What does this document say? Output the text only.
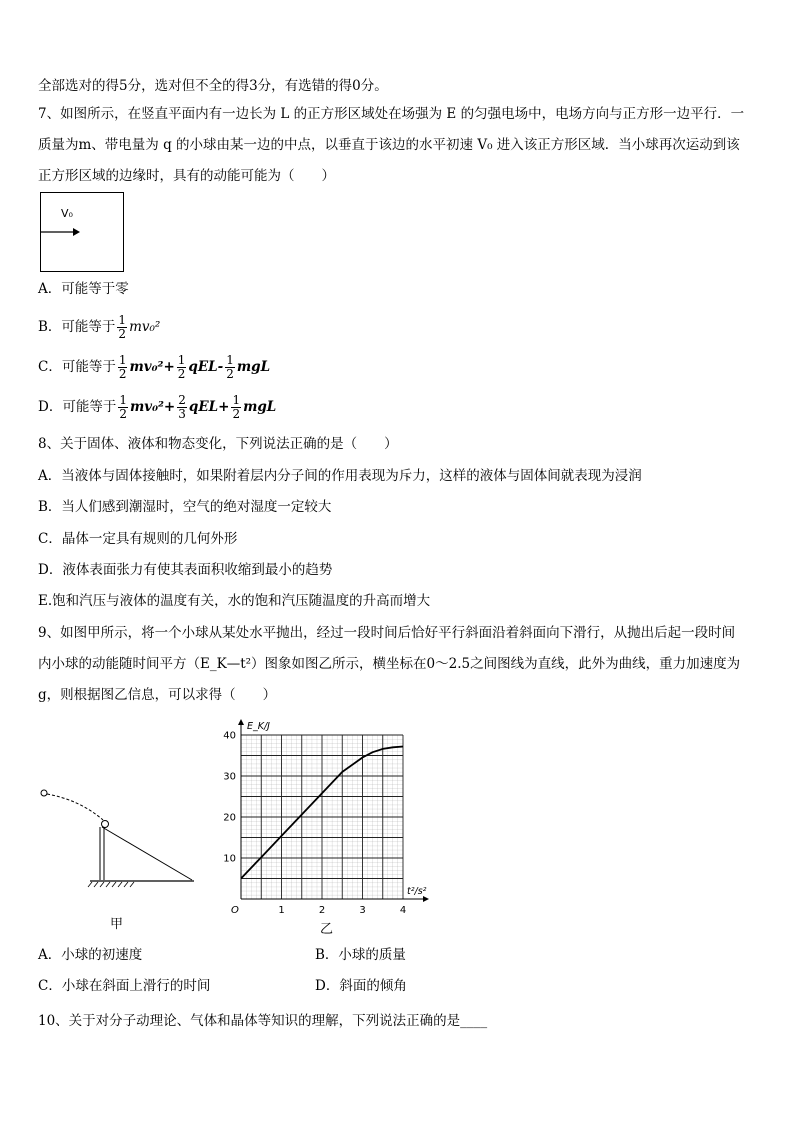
全部选对的得5分，选对但不全的得3分，有选错的得0分。
7、如图所示，在竖直平面内有一边长为 L 的正方形区域处在场强为 E 的匀强电场中，电场方向与正方形一边平行．一
质量为m、带电量为 q 的小球由某一边的中点，以垂直于该边的水平初速 V₀ 进入该正方形区域．当小球再次运动到该
正方形区域的边缘时，具有的动能可能为（　　）
V₀
A．可能等于零
B．可能等于 $\frac{1}{2} mv_0^2$
C．可能等于 $\frac{1}{2} mv_0^2+ \frac{1}{2} qEL- \frac{1}{2}$ mgL
D．可能等于 $\frac{1}{2} mv_0^2+ \frac{2}{3} qEL+ \frac{1}{2}$ mgL
8、关于固体、液体和物态变化，下列说法正确的是（　　）
A．当液体与固体接触时，如果附着层内分子间的作用表现为斥力，这样的液体与固体间就表现为浸润
B．当人们感到潮湿时，空气的绝对湿度一定较大
C．晶体一定具有规则的几何外形
D．液体表面张力有使其表面积收缩到最小的趋势
E.饱和汽压与液体的温度有关，水的饱和汽压随温度的升高而增大
9、如图甲所示，将一个小球从某处水平抛出，经过一段时间后恰好平行斜面沿着斜面向下滑行，从抛出后起一段时间
内小球的动能随时间平方（E_K—t²）图象如图乙所示，横坐标在0～2.5之间图线为直线，此外为曲线，重力加速度为
g，则根据图乙信息，可以求得（　　）
甲
1	2	3	4
10
20
30
40
O
E_K/J
t²/s²
乙
A．小球的初速度	B．小球的质量
C．小球在斜面上滑行的时间	D．斜面的倾角
10、关于对分子动理论、气体和晶体等知识的理解，下列说法正确的是____
